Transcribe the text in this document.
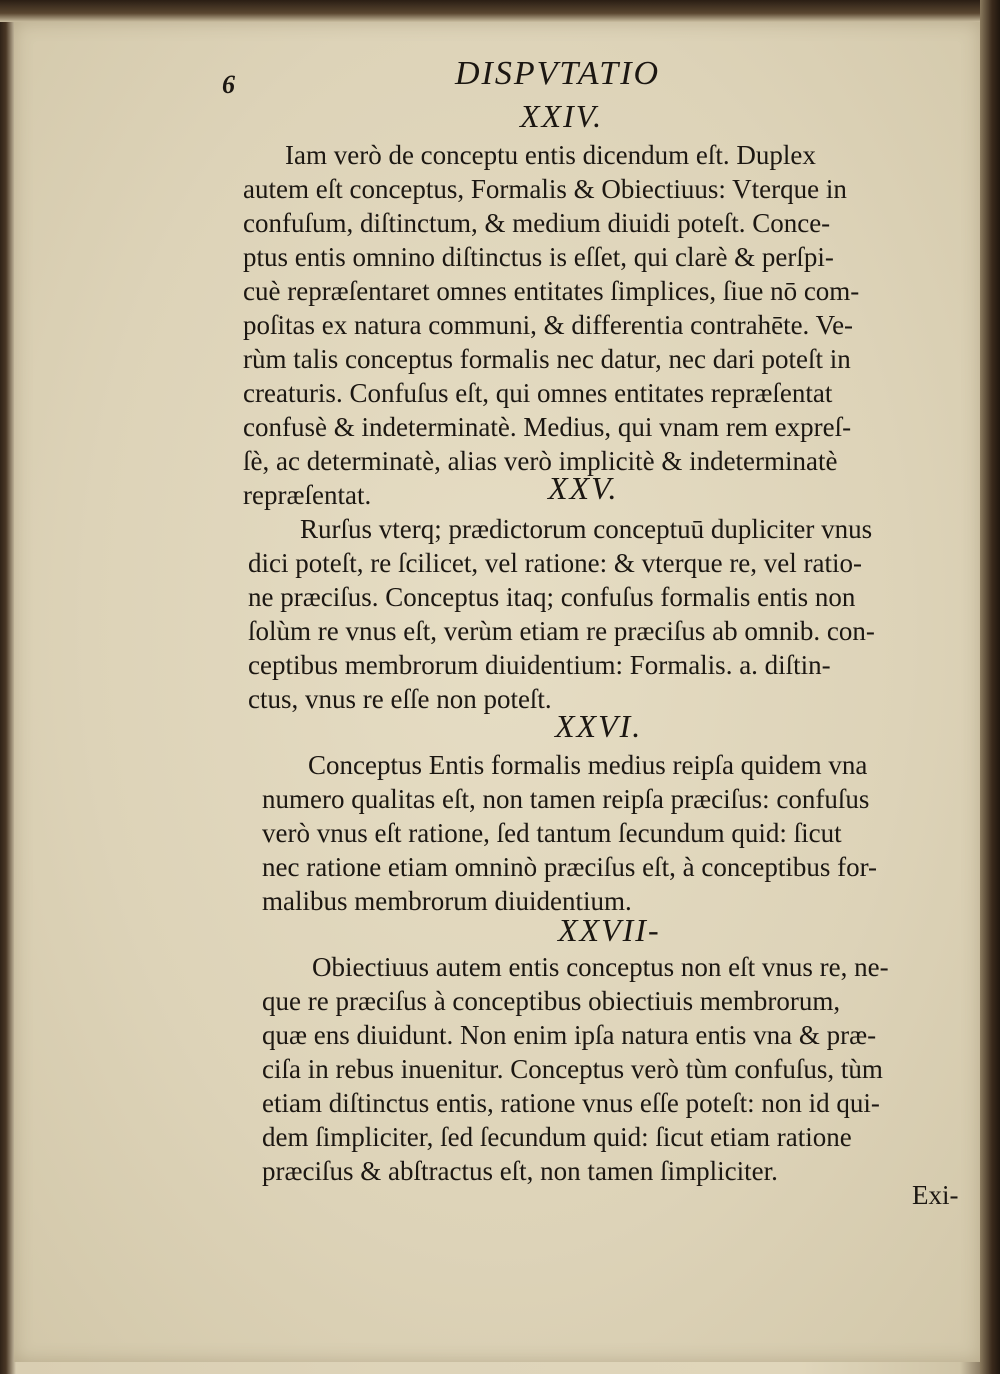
6	DISPVTATIO
XXIV.
Iam verò de conceptu entis dicendum eſt. Duplex
autem eſt conceptus, Formalis & Obiectiuus: Vterque in
confuſum, diſtinctum, & medium diuidi poteſt. Conce-
ptus entis omnino diſtinctus is eſſet, qui clarè & perſpi-
cuè repræſentaret omnes entitates ſimplices, ſiue nō com-
poſitas ex natura communi, & differentia contrahēte. Ve-
rùm talis conceptus formalis nec datur, nec dari poteſt in
creaturis. Confuſus eſt, qui omnes entitates repræſentat
confusè & indeterminatè. Medius, qui vnam rem expreſ-
ſè, ac determinatè, alias verò implicitè & indeterminatè
repræſentat.	XXV.
Rurſus vterq; prædictorum conceptuū dupliciter vnus
dici poteſt, re ſcilicet, vel ratione: & vterque re, vel ratio-
ne præciſus. Conceptus itaq; confuſus formalis entis non
ſolùm re vnus eſt, verùm etiam re præciſus ab omnib. con-
ceptibus membrorum diuidentium: Formalis. a. diſtin-
ctus, vnus re eſſe non poteſt.
XXVI.
Conceptus Entis formalis medius reipſa quidem vna
numero qualitas eſt, non tamen reipſa præciſus: confuſus
verò vnus eſt ratione, ſed tantum ſecundum quid: ſicut
nec ratione etiam omninò præciſus eſt, à conceptibus for-
malibus membrorum diuidentium.
XXVII-
Obiectiuus autem entis conceptus non eſt vnus re, ne-
que re præciſus à conceptibus obiectiuis membrorum,
quæ ens diuidunt. Non enim ipſa natura entis vna & præ-
ciſa in rebus inuenitur. Conceptus verò tùm confuſus, tùm
etiam diſtinctus entis, ratione vnus eſſe poteſt: non id qui-
dem ſimpliciter, ſed ſecundum quid: ſicut etiam ratione
præciſus & abſtractus eſt, non tamen ſimpliciter.
Exi-
